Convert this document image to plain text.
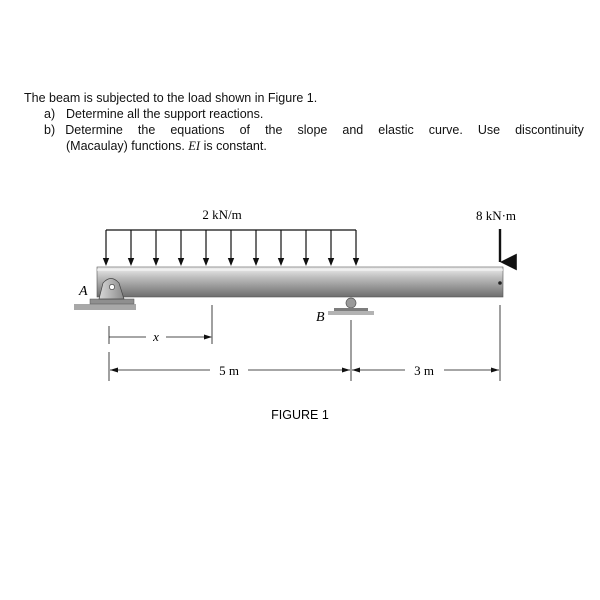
The beam is subjected to the load shown in Figure 1.
a) Determine all the support reactions.
b) Determine the equations of the slope and elastic curve. Use discontinuity
(Macaulay) functions. EI is constant.
2 kN/m
A
B
8 kN·m
x
5 m	3 m
FIGURE 1
